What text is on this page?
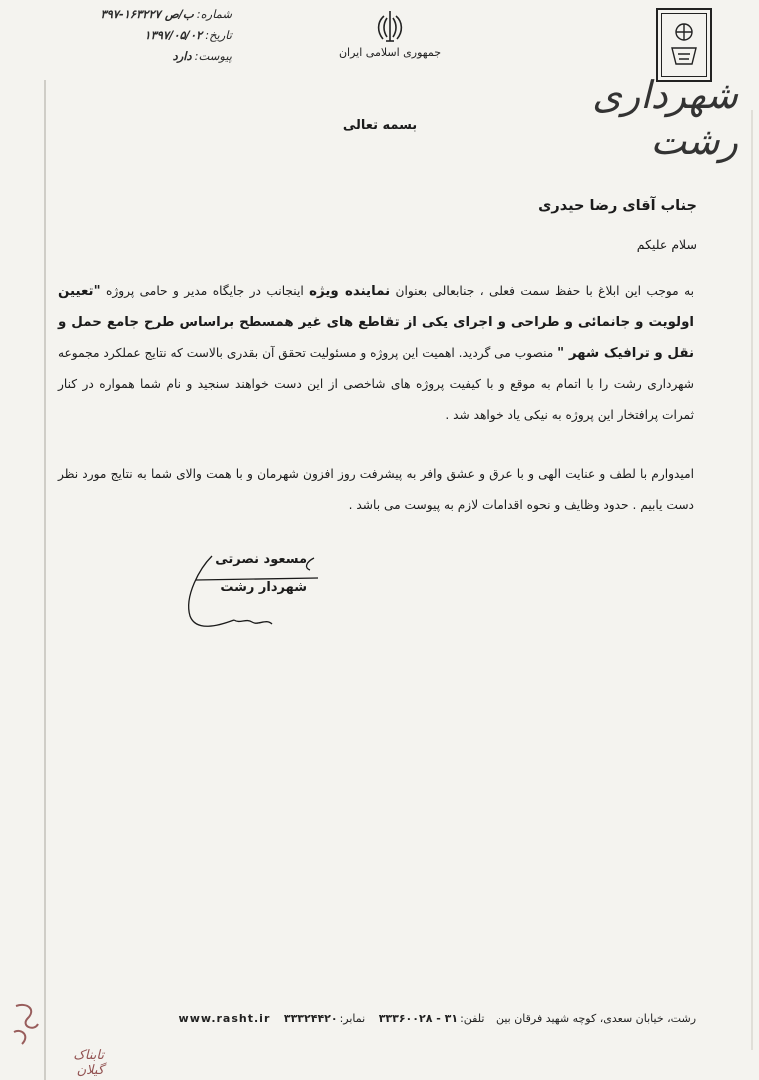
شماره:ب/ص ۱۶۳۲۲۷-۳۹۷
تاریخ:۱۳۹۷/۰۵/۰۲
پیوست:دارد	جمهوری اسلامی ایران
شهرداری رشت
بسمه تعالی
جناب آقای رضا حیدری
سلام علیکم
به موجب این ابلاغ با حفظ سمت فعلی ، جنابعالی بعنوان نماینده ویژه اینجانب در جایگاه مدیر و حامی پروژه "تعیین اولویت و جانمائی و طراحی و اجرای یکی از تقاطع های غیر همسطح براساس طرح جامع حمل و نقل و ترافیک شهر " منصوب می گردید. اهمیت این پروژه و مسئولیت تحقق آن بقدری بالاست که نتایج عملکرد مجموعه شهرداری رشت را با اتمام به موقع و با کیفیت پروژه های شاخصی از این دست خواهند سنجید و نام شما همواره در کنار ثمرات پرافتخار این پروژه به نیکی یاد خواهد شد .
امیدوارم با لطف و عنایت الهی و با عرق و عشق وافر به پیشرفت روز افزون شهرمان و با همت والای شما به نتایج مورد نظر دست یابیم . حدود وظایف و نحوه اقدامات لازم به پیوست می باشد .
مسعود نصرتی
شهردار رشت
رشت، خیابان سعدی، کوچه شهید فرقان بین تلفن:۳۱ - ۳۳۳۶۰۰۲۸ نمابر:۳۳۳۲۴۴۲۰ www.rasht.ir
تابناک گیلان
